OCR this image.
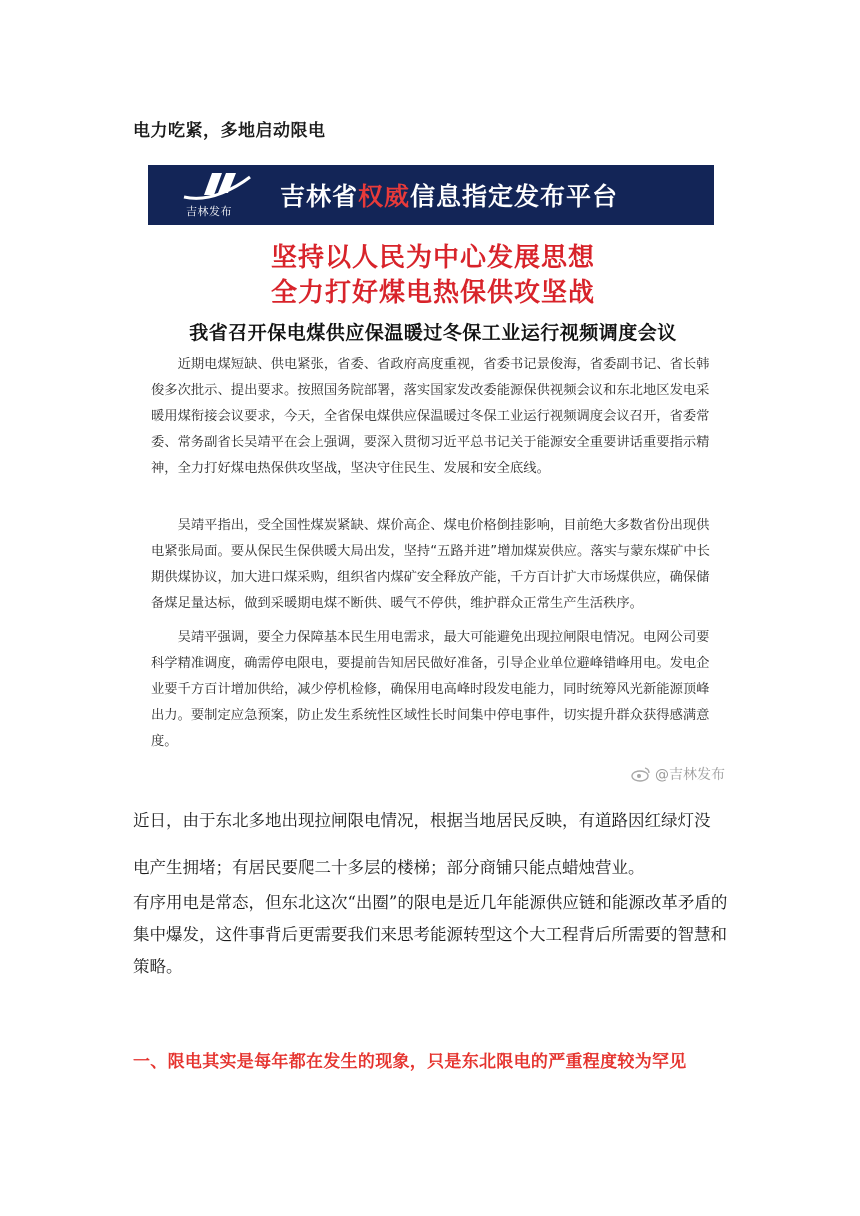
电力吃紧，多地启动限电
吉林发布
吉林省权威信息指定发布平台

坚持以人民为中心发展思想

全力打好煤电热保供攻坚战

我省召开保电煤供应保温暖过冬保工业运行视频调度会议

近期电煤短缺、供电紧张，省委、省政府高度重视，省委书记景俊海，省委副书记、省长韩俊多次批示、提出要求。按照国务院部署，落实国家发改委能源保供视频会议和东北地区发电采暖用煤衔接会议要求，今天，全省保电煤供应保温暖过冬保工业运行视频调度会议召开，省委常委、常务副省长吴靖平在会上强调，要深入贯彻习近平总书记关于能源安全重要讲话重要指示精神，全力打好煤电热保供攻坚战，坚决守住民生、发展和安全底线。

吴靖平指出，受全国性煤炭紧缺、煤价高企、煤电价格倒挂影响，目前绝大多数省份出现供电紧张局面。要从保民生保供暖大局出发，坚持“五路并进”增加煤炭供应。落实与蒙东煤矿中长期供煤协议，加大进口煤采购，组织省内煤矿安全释放产能，千方百计扩大市场煤供应，确保储备煤足量达标，做到采暖期电煤不断供、暖气不停供，维护群众正常生产生活秩序。

吴靖平强调，要全力保障基本民生用电需求，最大可能避免出现拉闸限电情况。电网公司要科学精准调度，确需停电限电，要提前告知居民做好准备，引导企业单位避峰错峰用电。发电企业要千方百计增加供给，减少停机检修，确保用电高峰时段发电能力，同时统筹风光新能源顶峰出力。要制定应急预案，防止发生系统性区域性长时间集中停电事件，切实提升群众获得感满意度。

@吉林发布

近日，由于东北多地出现拉闸限电情况，根据当地居民反映，有道路因红绿灯没

电产生拥堵；有居民要爬二十多层的楼梯；部分商铺只能点蜡烛营业。

有序用电是常态，但东北这次“出圈”的限电是近几年能源供应链和能源改革矛盾的集中爆发，这件事背后更需要我们来思考能源转型这个大工程背后所需要的智慧和策略。

一、限电其实是每年都在发生的现象，只是东北限电的严重程度较为罕见
